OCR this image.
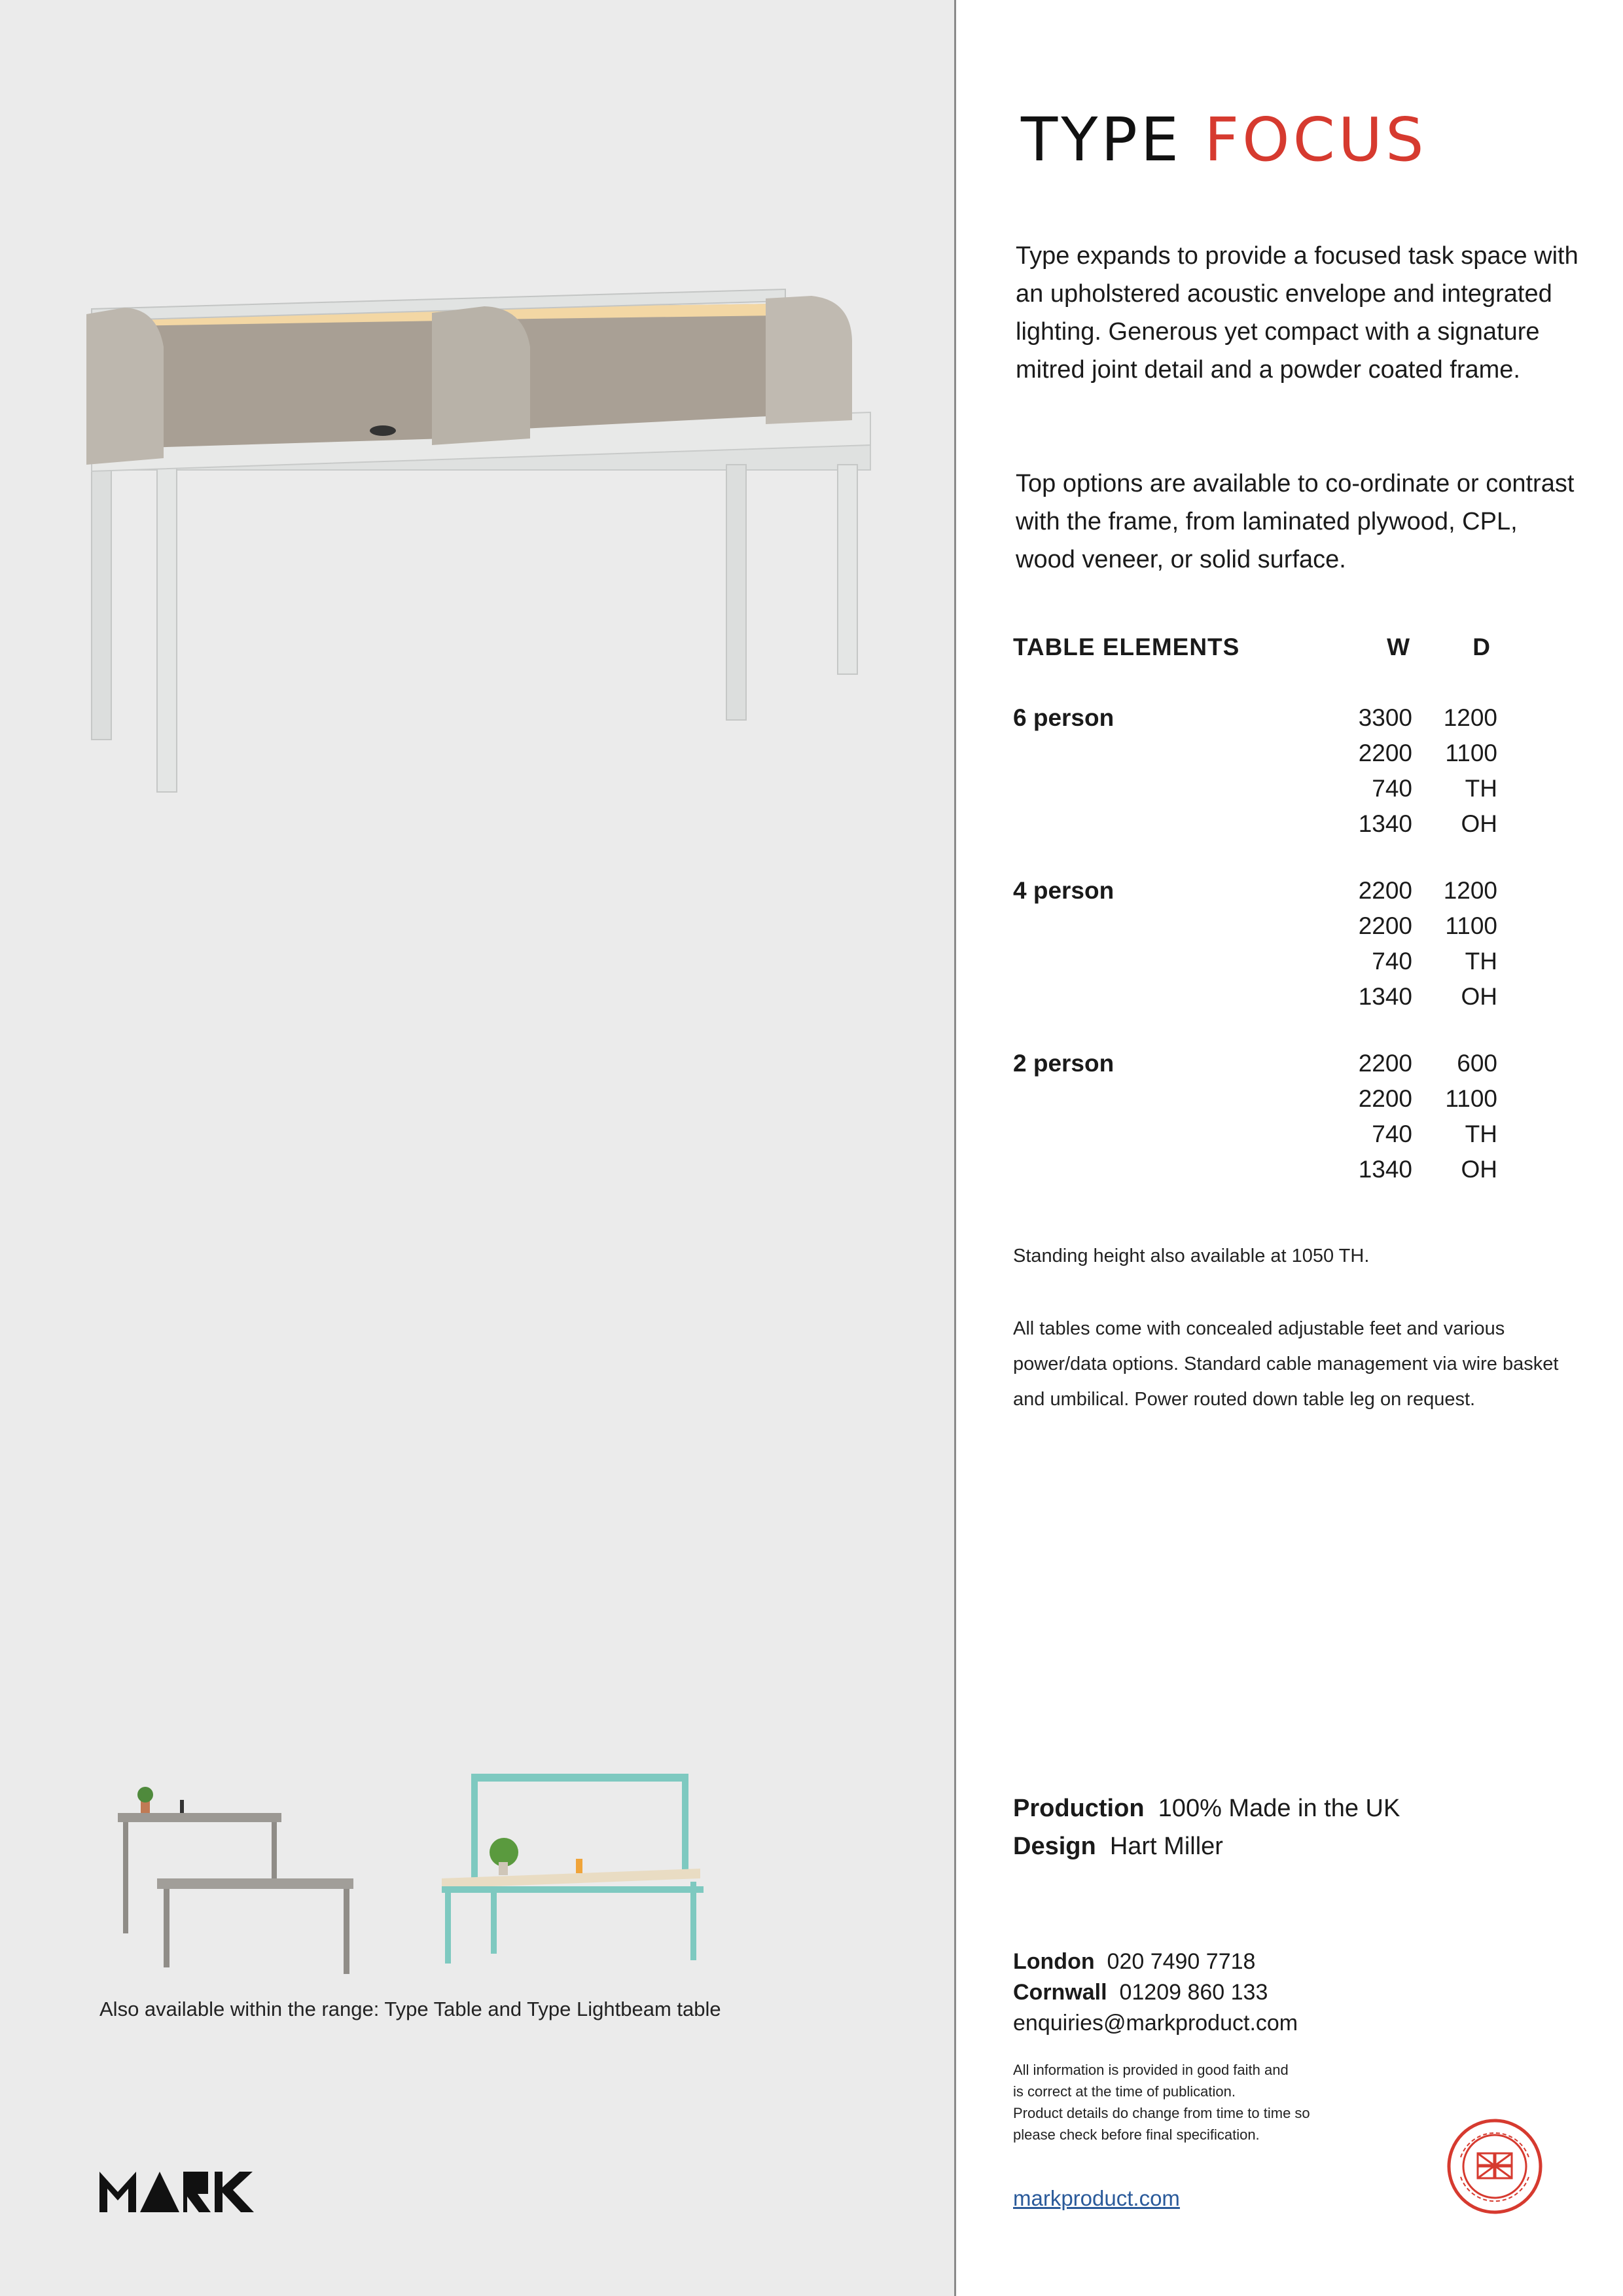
Also available within the range: Type Table and Type Lightbeam table
TYPE FOCUS
Type expands to provide a focused task space with an upholstered acoustic envelope and integrated lighting. Generous yet compact with a signature mitred joint detail and a powder coated frame.
Top options are available to co-ordinate or contrast with the frame, from laminated plywood, CPL, wood veneer, or solid surface.
TABLE ELEMENTS	W	D
6 person	3300 1200
2200 1100
740 TH
1340 OH
4 person	2200 1200
2200 1100
740 TH
1340 OH
2 person	2200 600
2200 1100
740 TH
1340 OH
Standing height also available at 1050 TH.
All tables come with concealed adjustable feet and various power/data options. Standard cable management via wire basket and umbilical. Power routed down table leg on request.
Production 100% Made in the UK
Design Hart Miller
London 020 7490 7718
Cornwall 01209 860 133
enquiries@markproduct.com
All information is provided in good faith and
is correct at the time of publication.
Product details do change from time to time so
please check before final specification.
markproduct.com
